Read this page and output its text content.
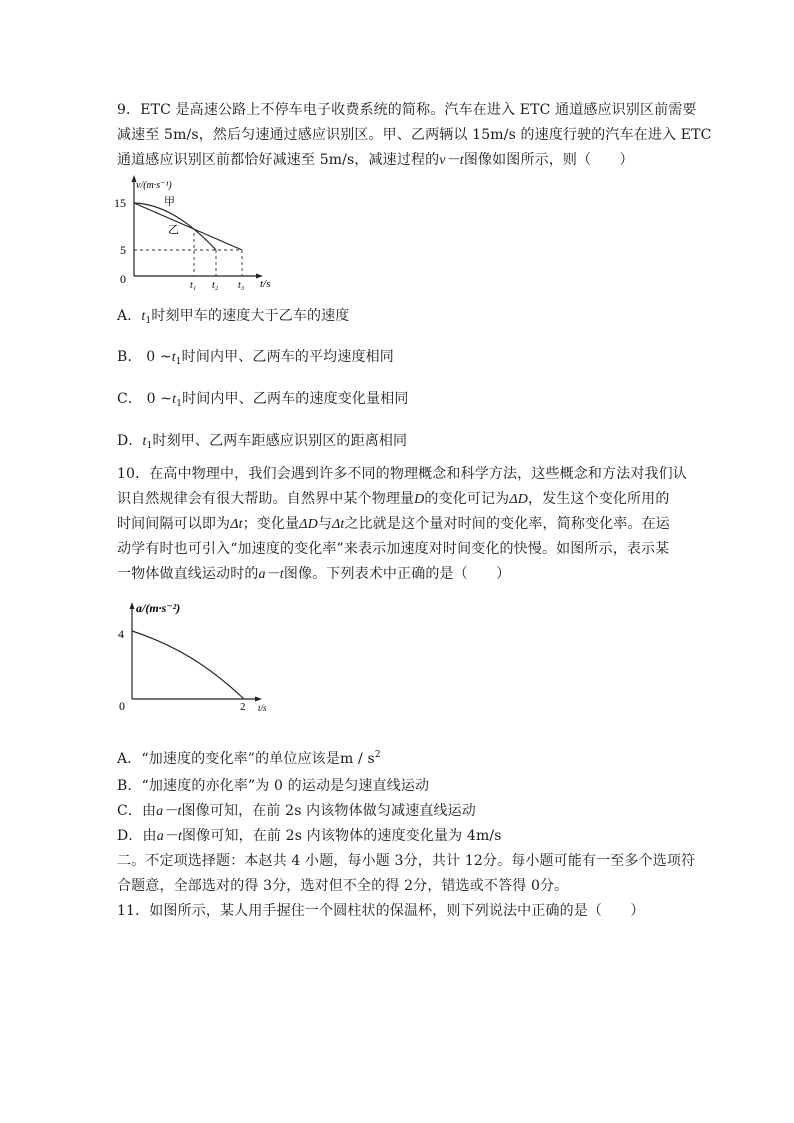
9．ETC 是高速公路上不停车电子收费系统的简称。汽车在进入 ETC 通道感应识别区前需要
减速至 5m/s，然后匀速通过感应识别区。甲、乙两辆以 15m/s 的速度行驶的汽车在进入 ETC
通道感应识别区前都恰好减速至 5m/s，减速过程的v－t图像如图所示，则（　　）
v/(m·s⁻¹)
15
5
0
甲
乙
t₁ t₂ t₃ t/s
A．$t_1$时刻甲车的速度大于乙车的速度
B． 0 $\sim t_1$时间内甲、乙两车的平均速度相同
C． 0 $\sim t_1$时间内甲、乙两车的速度变化量相同
D．$t_1$时刻甲、乙两车距感应识别区的距离相同
10．在高中物理中，我们会遇到许多不同的物理概念和科学方法，这些概念和方法对我们认
识自然规律会有很大帮助。自然界中某个物理量D的变化可记为ΔD，发生这个变化所用的
时间间隔可以即为Δt；变化量ΔD与Δt之比就是这个量对时间的变化率，简称变化率。在运
动学有时也可引入“加速度的变化率”来表示加速度对时间变化的快慢。如图所示，表示某
一物体做直线运动时的a－t图像。下列表术中正确的是（　　）
a/(m·s⁻²)
4
0	2 t/s
A．“加速度的变化率”的单位应该是m / $s^2$
B．“加速度的亦化率”为 0 的运动是匀速直线运动
C．由a－t图像可知，在前 2s 内该物体做匀减速直线运动
D．由a－t图像可知，在前 2s 内该物体的速度变化量为 4m/s
二。不定项选择题：本赵共 4 小题，每小题 3分，共计 12分。每小题可能有一至多个选项符
合题意，全部选对的得 3分，选对但不全的得 2分，错选或不答得 0分。
11．如图所示，某人用手握住一个圆柱状的保温杯，则下列说法中正确的是（　　）
